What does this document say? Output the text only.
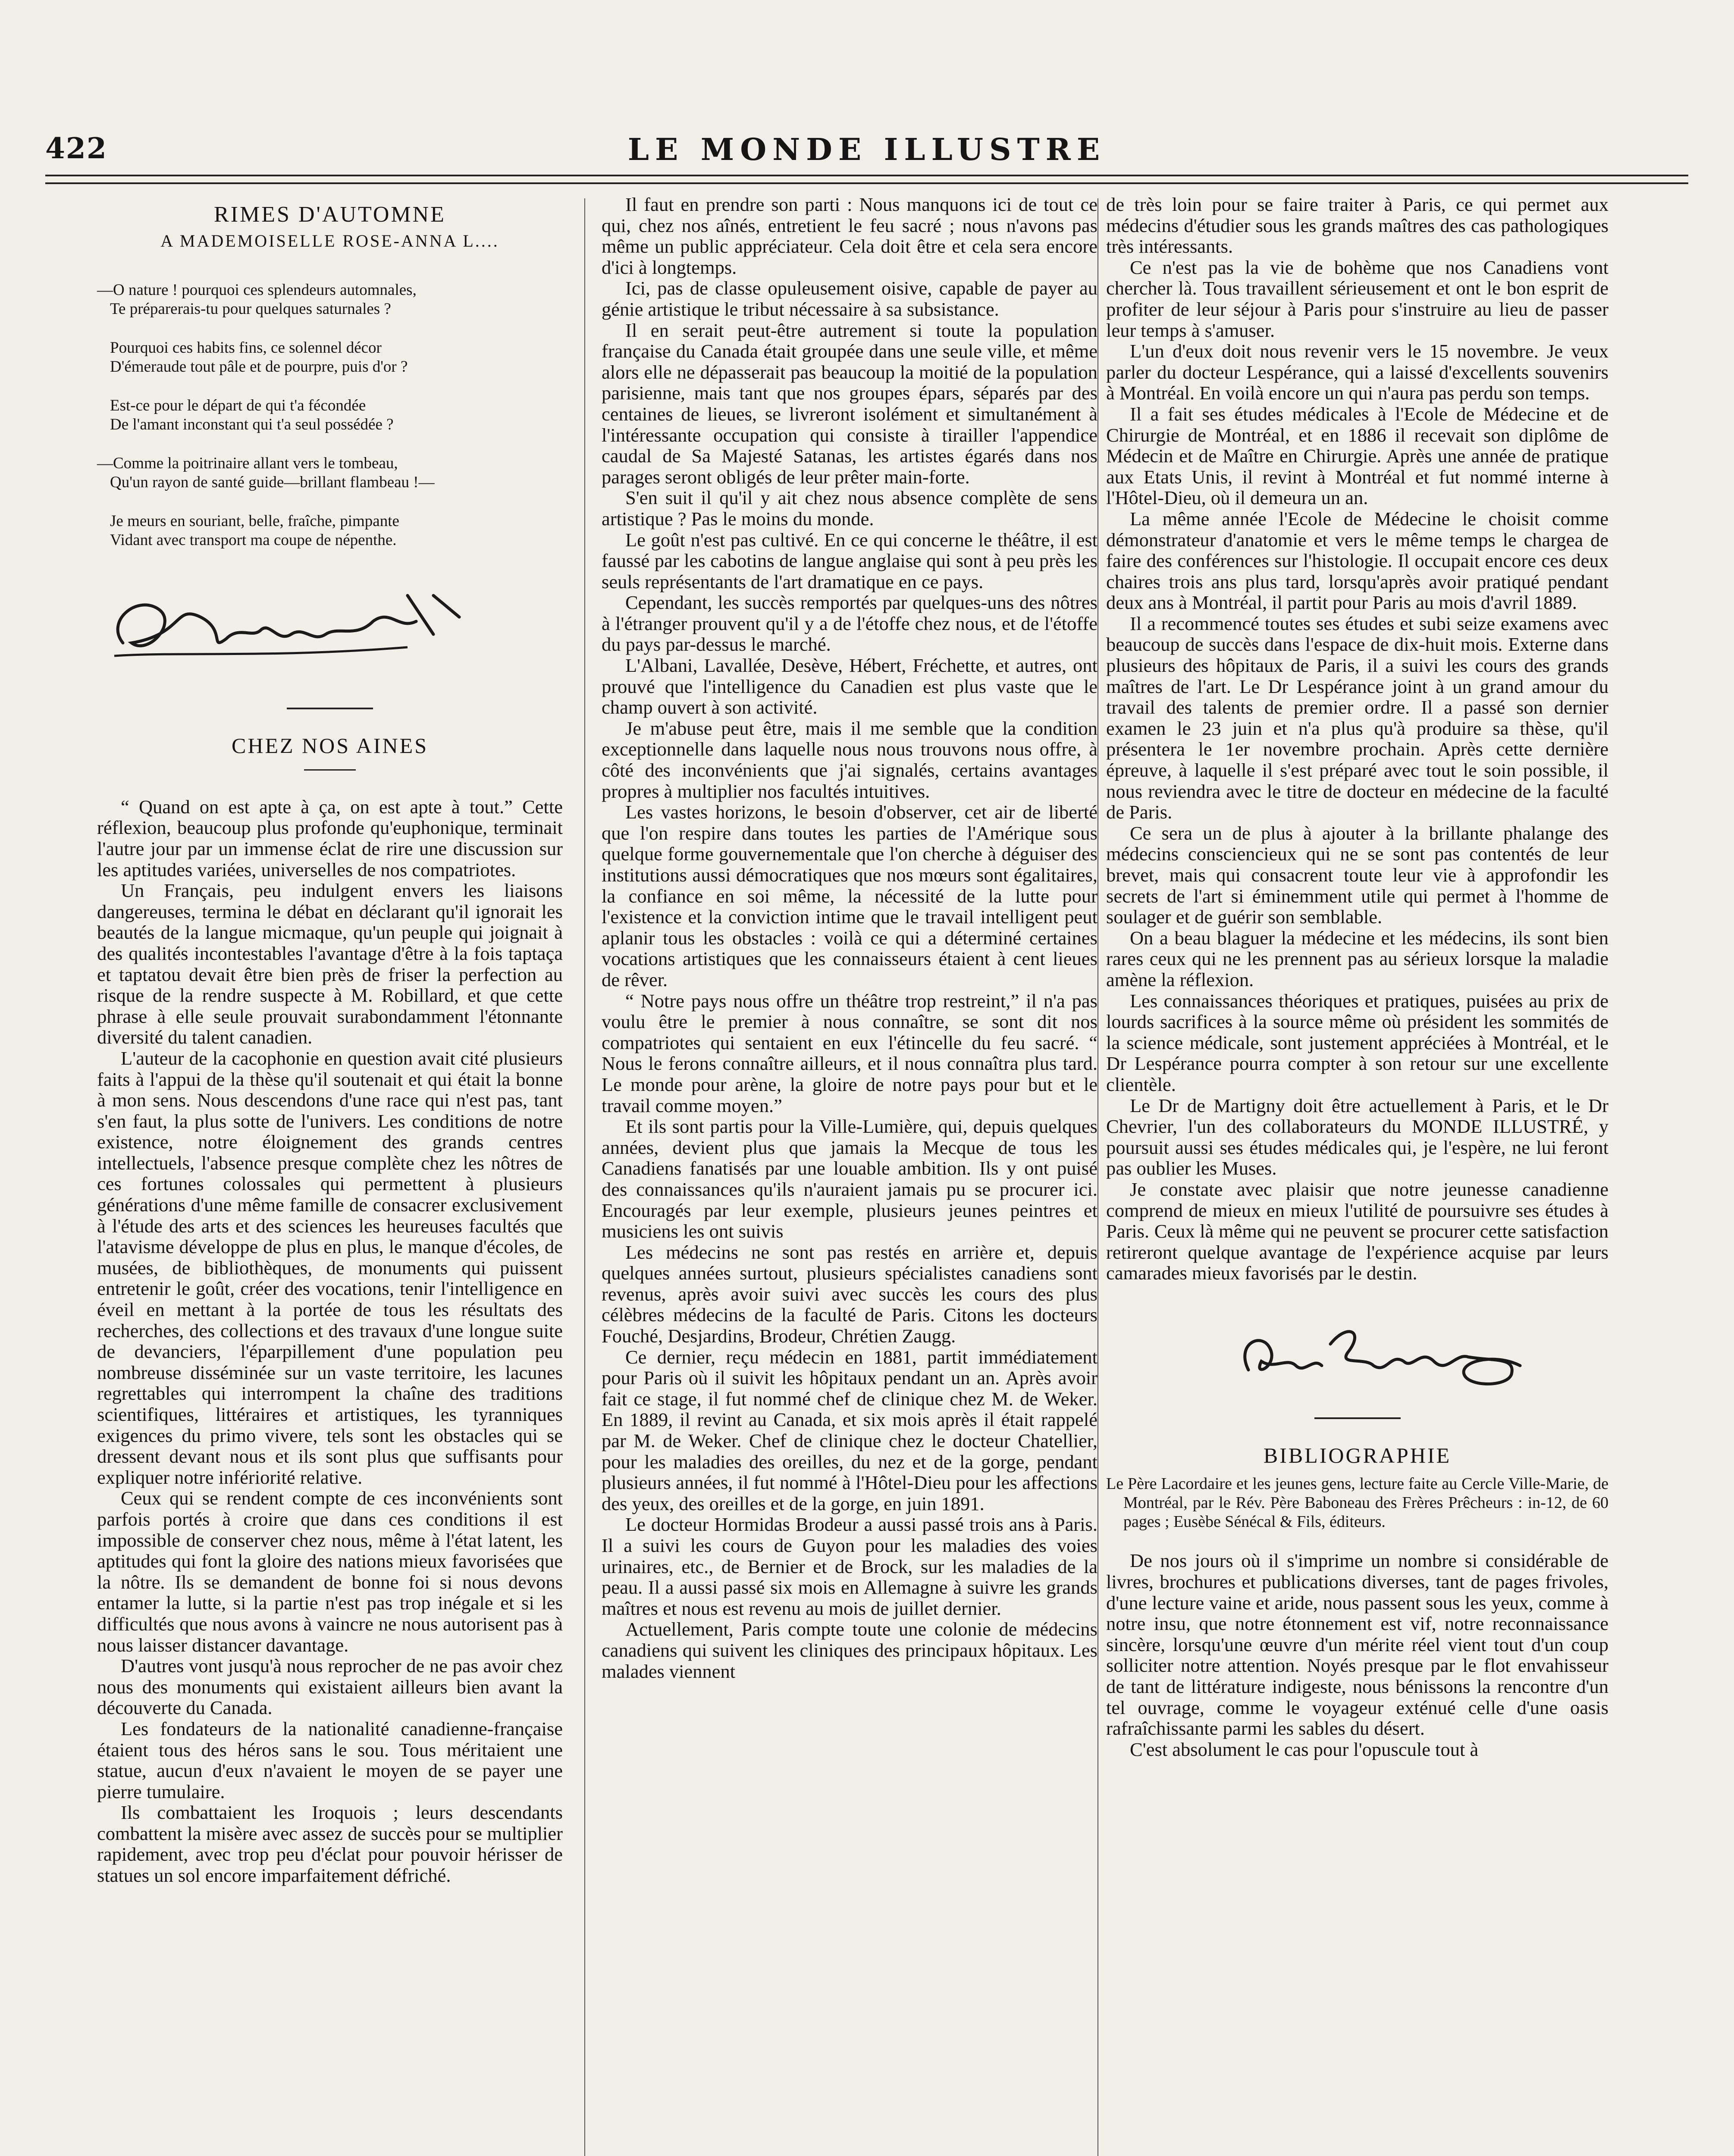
422	LE MONDE ILLUSTRE
RIMES D'AUTOMNE
A MADEMOISELLE ROSE-ANNA L....
—O nature ! pourquoi ces splendeurs automnales,
Te préparerais-tu pour quelques saturnales ?
Pourquoi ces habits fins, ce solennel décor
D'émeraude tout pâle et de pourpre, puis d'or ?
Est-ce pour le départ de qui t'a fécondée
De l'amant inconstant qui t'a seul possédée ?
—Comme la poitrinaire allant vers le tombeau,
Qu'un rayon de santé guide—brillant flambeau !—
Je meurs en souriant, belle, fraîche, pimpante
Vidant avec transport ma coupe de népenthe.
CHEZ NOS AINES

“ Quand on est apte à ça, on est apte à tout.” Cette réflexion, beaucoup plus profonde qu'euphonique, terminait l'autre jour par un immense éclat de rire une discussion sur les aptitudes variées, universelles de nos compatriotes.

Un Français, peu indulgent envers les liaisons dangereuses, termina le débat en déclarant qu'il ignorait les beautés de la langue micmaque, qu'un peuple qui joignait à des qualités incontestables l'avantage d'être à la fois taptaça et taptatou devait être bien près de friser la perfection au risque de la rendre suspecte à M. Robillard, et que cette phrase à elle seule prouvait surabondamment l'étonnante diversité du talent canadien.

L'auteur de la cacophonie en question avait cité plusieurs faits à l'appui de la thèse qu'il soutenait et qui était la bonne à mon sens. Nous descendons d'une race qui n'est pas, tant s'en faut, la plus sotte de l'univers. Les conditions de notre existence, notre éloignement des grands centres intellectuels, l'absence presque complète chez les nôtres de ces fortunes colossales qui permettent à plusieurs générations d'une même famille de consacrer exclusivement à l'étude des arts et des sciences les heureuses facultés que l'atavisme développe de plus en plus, le manque d'écoles, de musées, de bibliothèques, de monuments qui puissent entretenir le goût, créer des vocations, tenir l'intelligence en éveil en mettant à la portée de tous les résultats des recherches, des collections et des travaux d'une longue suite de devanciers, l'éparpillement d'une population peu nombreuse disséminée sur un vaste territoire, les lacunes regrettables qui interrompent la chaîne des traditions scientifiques, littéraires et artistiques, les tyranniques exigences du primo vivere, tels sont les obstacles qui se dressent devant nous et ils sont plus que suffisants pour expliquer notre infériorité relative.

Ceux qui se rendent compte de ces inconvénients sont parfois portés à croire que dans ces conditions il est impossible de conserver chez nous, même à l'état latent, les aptitudes qui font la gloire des nations mieux favorisées que la nôtre. Ils se demandent de bonne foi si nous devons entamer la lutte, si la partie n'est pas trop inégale et si les difficultés que nous avons à vaincre ne nous autorisent pas à nous laisser distancer davantage.

D'autres vont jusqu'à nous reprocher de ne pas avoir chez nous des monuments qui existaient ailleurs bien avant la découverte du Canada.

Les fondateurs de la nationalité canadienne-française étaient tous des héros sans le sou. Tous méritaient une statue, aucun d'eux n'avaient le moyen de se payer une pierre tumulaire.

Ils combattaient les Iroquois ; leurs descendants combattent la misère avec assez de succès pour se multiplier rapidement, avec trop peu d'éclat pour pouvoir hérisser de statues un sol encore imparfaitement défriché.

Il faut en prendre son parti : Nous manquons ici de tout ce qui, chez nos aînés, entretient le feu sacré ; nous n'avons pas même un public appréciateur. Cela doit être et cela sera encore d'ici à longtemps.

Ici, pas de classe opuleusement oisive, capable de payer au génie artistique le tribut nécessaire à sa subsistance.

Il en serait peut-être autrement si toute la population française du Canada était groupée dans une seule ville, et même alors elle ne dépasserait pas beaucoup la moitié de la population parisienne, mais tant que nos groupes épars, séparés par des centaines de lieues, se livreront isolément et simultanément à l'intéressante occupation qui consiste à tirailler l'appendice caudal de Sa Majesté Satanas, les artistes égarés dans nos parages seront obligés de leur prêter main-forte.

S'en suit il qu'il y ait chez nous absence complète de sens artistique ? Pas le moins du monde.

Le goût n'est pas cultivé. En ce qui concerne le théâtre, il est faussé par les cabotins de langue anglaise qui sont à peu près les seuls représentants de l'art dramatique en ce pays.

Cependant, les succès remportés par quelques-uns des nôtres à l'étranger prouvent qu'il y a de l'étoffe chez nous, et de l'étoffe du pays par-dessus le marché.

L'Albani, Lavallée, Desève, Hébert, Fréchette, et autres, ont prouvé que l'intelligence du Canadien est plus vaste que le champ ouvert à son activité.

Je m'abuse peut être, mais il me semble que la condition exceptionnelle dans laquelle nous nous trouvons nous offre, à côté des inconvénients que j'ai signalés, certains avantages propres à multiplier nos facultés intuitives.

Les vastes horizons, le besoin d'observer, cet air de liberté que l'on respire dans toutes les parties de l'Amérique sous quelque forme gouvernementale que l'on cherche à déguiser des institutions aussi démocratiques que nos mœurs sont égalitaires, la confiance en soi même, la nécessité de la lutte pour l'existence et la conviction intime que le travail intelligent peut aplanir tous les obstacles : voilà ce qui a déterminé certaines vocations artistiques que les connaisseurs étaient à cent lieues de rêver.

“ Notre pays nous offre un théâtre trop restreint,” il n'a pas voulu être le premier à nous connaître, se sont dit nos compatriotes qui sentaient en eux l'étincelle du feu sacré. “ Nous le ferons connaître ailleurs, et il nous connaîtra plus tard. Le monde pour arène, la gloire de notre pays pour but et le travail comme moyen.”

Et ils sont partis pour la Ville-Lumière, qui, depuis quelques années, devient plus que jamais la Mecque de tous les Canadiens fanatisés par une louable ambition. Ils y ont puisé des connaissances qu'ils n'auraient jamais pu se procurer ici. Encouragés par leur exemple, plusieurs jeunes peintres et musiciens les ont suivis

Les médecins ne sont pas restés en arrière et, depuis quelques années surtout, plusieurs spécialistes canadiens sont revenus, après avoir suivi avec succès les cours des plus célèbres médecins de la faculté de Paris. Citons les docteurs Fouché, Desjardins, Brodeur, Chrétien Zaugg.

Ce dernier, reçu médecin en 1881, partit immédiatement pour Paris où il suivit les hôpitaux pendant un an. Après avoir fait ce stage, il fut nommé chef de clinique chez M. de Weker. En 1889, il revint au Canada, et six mois après il était rappelé par M. de Weker. Chef de clinique chez le docteur Chatellier, pour les maladies des oreilles, du nez et de la gorge, pendant plusieurs années, il fut nommé à l'Hôtel-Dieu pour les affections des yeux, des oreilles et de la gorge, en juin 1891.

Le docteur Hormidas Brodeur a aussi passé trois ans à Paris. Il a suivi les cours de Guyon pour les maladies des voies urinaires, etc., de Bernier et de Brock, sur les maladies de la peau. Il a aussi passé six mois en Allemagne à suivre les grands maîtres et nous est revenu au mois de juillet dernier.

Actuellement, Paris compte toute une colonie de médecins canadiens qui suivent les cliniques des principaux hôpitaux. Les malades viennent

de très loin pour se faire traiter à Paris, ce qui permet aux médecins d'étudier sous les grands maîtres des cas pathologiques très intéressants.

Ce n'est pas la vie de bohème que nos Canadiens vont chercher là. Tous travaillent sérieusement et ont le bon esprit de profiter de leur séjour à Paris pour s'instruire au lieu de passer leur temps à s'amuser.

L'un d'eux doit nous revenir vers le 15 novembre. Je veux parler du docteur Lespérance, qui a laissé d'excellents souvenirs à Montréal. En voilà encore un qui n'aura pas perdu son temps.

Il a fait ses études médicales à l'Ecole de Médecine et de Chirurgie de Montréal, et en 1886 il recevait son diplôme de Médecin et de Maître en Chirurgie. Après une année de pratique aux Etats Unis, il revint à Montréal et fut nommé interne à l'Hôtel-Dieu, où il demeura un an.

La même année l'Ecole de Médecine le choisit comme démonstrateur d'anatomie et vers le même temps le chargea de faire des conférences sur l'histologie. Il occupait encore ces deux chaires trois ans plus tard, lorsqu'après avoir pratiqué pendant deux ans à Montréal, il partit pour Paris au mois d'avril 1889.

Il a recommencé toutes ses études et subi seize examens avec beaucoup de succès dans l'espace de dix-huit mois. Externe dans plusieurs des hôpitaux de Paris, il a suivi les cours des grands maîtres de l'art. Le Dr Lespérance joint à un grand amour du travail des talents de premier ordre. Il a passé son dernier examen le 23 juin et n'a plus qu'à produire sa thèse, qu'il présentera le 1er novembre prochain. Après cette dernière épreuve, à laquelle il s'est préparé avec tout le soin possible, il nous reviendra avec le titre de docteur en médecine de la faculté de Paris.

Ce sera un de plus à ajouter à la brillante phalange des médecins consciencieux qui ne se sont pas contentés de leur brevet, mais qui consacrent toute leur vie à approfondir les secrets de l'art si éminemment utile qui permet à l'homme de soulager et de guérir son semblable.

On a beau blaguer la médecine et les médecins, ils sont bien rares ceux qui ne les prennent pas au sérieux lorsque la maladie amène la réflexion.

Les connaissances théoriques et pratiques, puisées au prix de lourds sacrifices à la source même où président les sommités de la science médicale, sont justement appréciées à Montréal, et le Dr Lespérance pourra compter à son retour sur une excellente clientèle.

Le Dr de Martigny doit être actuellement à Paris, et le Dr Chevrier, l'un des collaborateurs du MONDE ILLUSTRÉ, y poursuit aussi ses études médicales qui, je l'espère, ne lui feront pas oublier les Muses.

Je constate avec plaisir que notre jeunesse canadienne comprend de mieux en mieux l'utilité de poursuivre ses études à Paris. Ceux là même qui ne peuvent se procurer cette satisfaction retireront quelque avantage de l'expérience acquise par leurs camarades mieux favorisés par le destin.

BIBLIOGRAPHIE

Le Père Lacordaire et les jeunes gens, lecture faite au Cercle Ville-Marie, de Montréal, par le Rév. Père Baboneau des Frères Prêcheurs : in-12, de 60 pages ; Eusèbe Sénécal & Fils, éditeurs.

De nos jours où il s'imprime un nombre si considérable de livres, brochures et publications diverses, tant de pages frivoles, d'une lecture vaine et aride, nous passent sous les yeux, comme à notre insu, que notre étonnement est vif, notre reconnaissance sincère, lorsqu'une œuvre d'un mérite réel vient tout d'un coup solliciter notre attention. Noyés presque par le flot envahisseur de tant de littérature indigeste, nous bénissons la rencontre d'un tel ouvrage, comme le voyageur exténué celle d'une oasis rafraîchissante parmi les sables du désert.

C'est absolument le cas pour l'opuscule tout à
